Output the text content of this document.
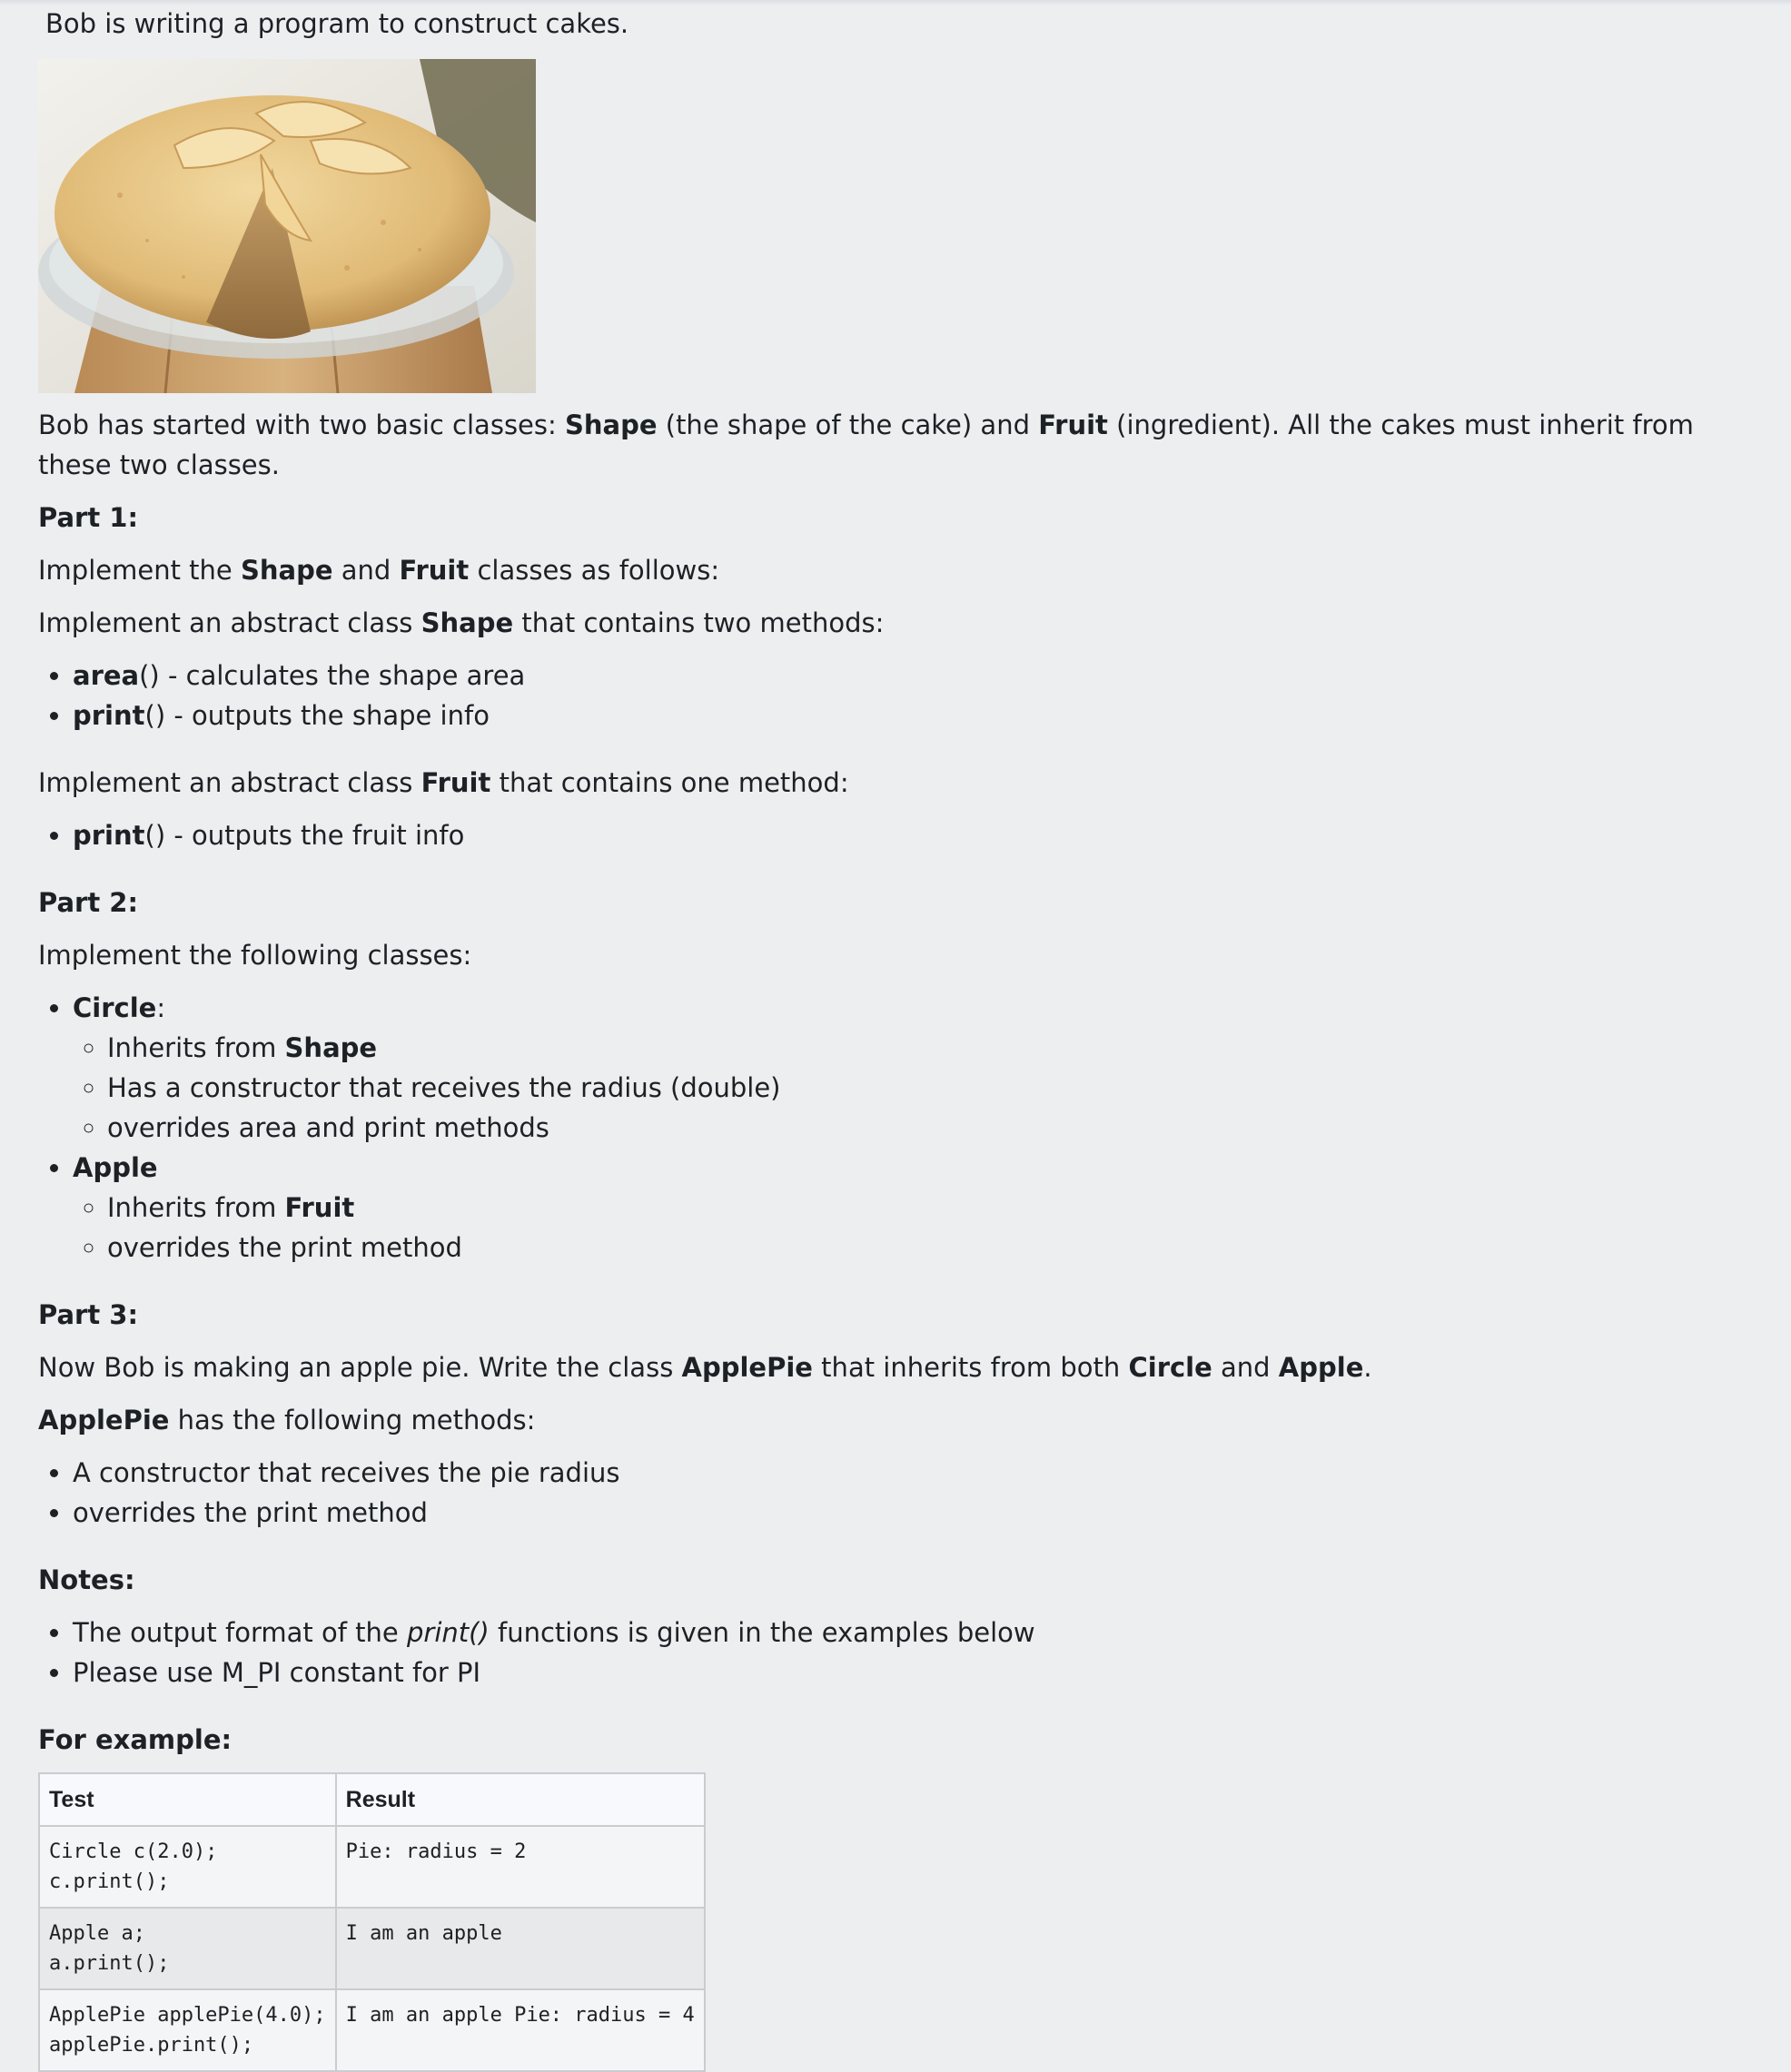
Bob is writing a program to construct cakes.

Bob has started with two basic classes: Shape (the shape of the cake) and Fruit (ingredient). All the cakes must inherit from these two classes.

Part 1:

Implement the Shape and Fruit classes as follows:

Implement an abstract class Shape that contains two methods:

• area() - calculates the shape area
• print() - outputs the shape info

Implement an abstract class Fruit that contains one method:

• print() - outputs the fruit info

Part 2:

Implement the following classes:

• Circle:
◦ Inherits from Shape
◦ Has a constructor that receives the radius (double)
◦ overrides area and print methods
• Apple
◦ Inherits from Fruit
◦ overrides the print method

Part 3:

Now Bob is making an apple pie. Write the class ApplePie that inherits from both Circle and Apple.

ApplePie has the following methods:

• A constructor that receives the pie radius
• overrides the print method

Notes:

• The output format of the print() functions is given in the examples below
• Please use M_PI constant for PI

For example:

Test	Result
Circle c(2.0);
c.print();	Pie: radius = 2
Apple a;
a.print();	I am an apple
ApplePie applePie(4.0);
applePie.print();	I am an apple Pie: radius = 4
